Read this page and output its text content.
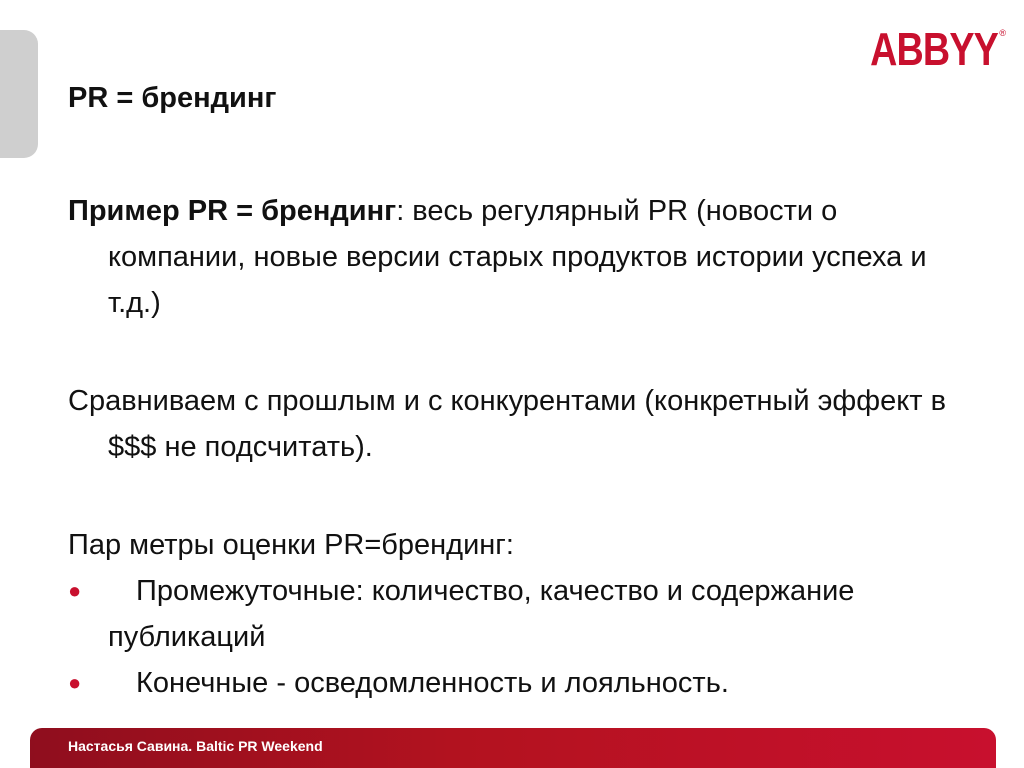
ABBYY ®
PR = брендинг

Пример PR = брендинг: весь регулярный PR (новости о компании, новые версии старых продуктов истории успеха и т.д.)

Сравниваем с прошлым и с конкурентами (конкретный эффект в $$$ не подсчитать).

Пар метры оценки PR=брендинг:

● Промежуточные: количество, качество и содержание публикаций

● Конечные - осведомленность и лояльность.

Настасья Савина. Baltic PR Weekend
